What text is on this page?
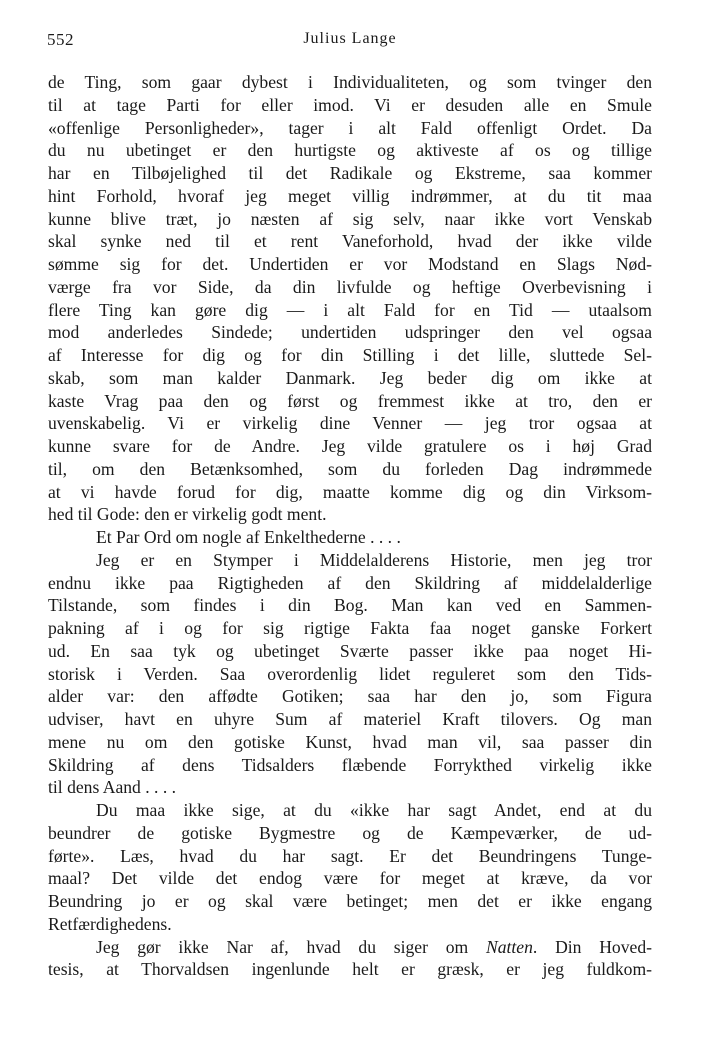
552	Julius Lange
de Ting, som gaar dybest i Individualiteten, og som tvinger den
til at tage Parti for eller imod. Vi er desuden alle en Smule
«offenlige Personligheder», tager i alt Fald offenligt Ordet. Da
du nu ubetinget er den hurtigste og aktiveste af os og tillige
har en Tilbøjelighed til det Radikale og Ekstreme, saa kommer
hint Forhold, hvoraf jeg meget villig indrømmer, at du tit maa
kunne blive træt, jo næsten af sig selv, naar ikke vort Venskab
skal synke ned til et rent Vaneforhold, hvad der ikke vilde
sømme sig for det. Undertiden er vor Modstand en Slags Nød-
værge fra vor Side, da din livfulde og heftige Overbevisning i
flere Ting kan gøre dig — i alt Fald for en Tid — utaalsom
mod anderledes Sindede; undertiden udspringer den vel ogsaa
af Interesse for dig og for din Stilling i det lille, sluttede Sel-
skab, som man kalder Danmark. Jeg beder dig om ikke at
kaste Vrag paa den og først og fremmest ikke at tro, den er
uvenskabelig. Vi er virkelig dine Venner — jeg tror ogsaa at
kunne svare for de Andre. Jeg vilde gratulere os i høj Grad
til, om den Betænksomhed, som du forleden Dag indrømmede
at vi havde forud for dig, maatte komme dig og din Virksom-
hed til Gode: den er virkelig godt ment.
Et Par Ord om nogle af Enkelthederne . . . .
Jeg er en Stymper i Middelalderens Historie, men jeg tror
endnu ikke paa Rigtigheden af den Skildring af middelalderlige
Tilstande, som findes i din Bog. Man kan ved en Sammen-
pakning af i og for sig rigtige Fakta faa noget ganske Forkert
ud. En saa tyk og ubetinget Sværte passer ikke paa noget Hi-
storisk i Verden. Saa overordenlig lidet reguleret som den Tids-
alder var: den affødte Gotiken; saa har den jo, som Figura
udviser, havt en uhyre Sum af materiel Kraft tilovers. Og man
mene nu om den gotiske Kunst, hvad man vil, saa passer din
Skildring af dens Tidsalders flæbende Forrykthed virkelig ikke
til dens Aand . . . .
Du maa ikke sige, at du «ikke har sagt Andet, end at du
beundrer de gotiske Bygmestre og de Kæmpeværker, de ud-
førte». Læs, hvad du har sagt. Er det Beundringens Tunge-
maal? Det vilde det endog være for meget at kræve, da vor
Beundring jo er og skal være betinget; men det er ikke engang
Retfærdighedens.
Jeg gør ikke Nar af, hvad du siger om Natten. Din Hoved-
tesis, at Thorvaldsen ingenlunde helt er græsk, er jeg fuldkom-
